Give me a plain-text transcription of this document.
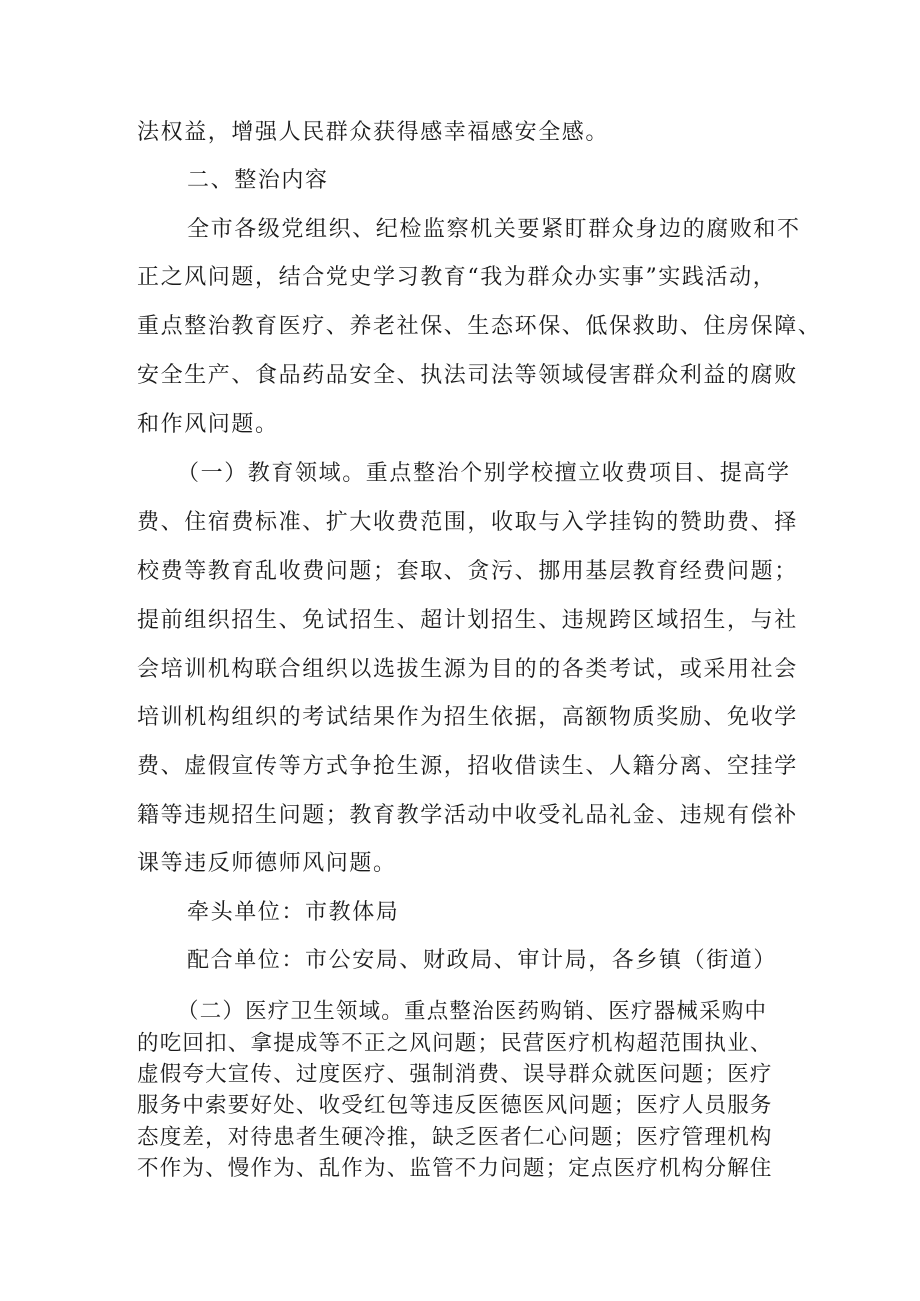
法权益，增强人民群众获得感幸福感安全感。
二、整治内容
全市各级党组织、纪检监察机关要紧盯群众身边的腐败和不
正之风问题，结合党史学习教育“我为群众办实事”实践活动，
重点整治教育医疗、养老社保、生态环保、低保救助、住房保障、
安全生产、食品药品安全、执法司法等领域侵害群众利益的腐败
和作风问题。
（一）教育领域。重点整治个别学校擅立收费项目、提高学
费、住宿费标准、扩大收费范围，收取与入学挂钩的赞助费、择
校费等教育乱收费问题；套取、贪污、挪用基层教育经费问题；
提前组织招生、免试招生、超计划招生、违规跨区域招生，与社
会培训机构联合组织以选拔生源为目的的各类考试，或采用社会
培训机构组织的考试结果作为招生依据，高额物质奖励、免收学
费、虚假宣传等方式争抢生源，招收借读生、人籍分离、空挂学
籍等违规招生问题；教育教学活动中收受礼品礼金、违规有偿补
课等违反师德师风问题。
牵头单位：市教体局
配合单位：市公安局、财政局、审计局，各乡镇（街道）
（二）医疗卫生领域。重点整治医药购销、医疗器械采购中
的吃回扣、拿提成等不正之风问题；民营医疗机构超范围执业、
虚假夸大宣传、过度医疗、强制消费、误导群众就医问题；医疗
服务中索要好处、收受红包等违反医德医风问题；医疗人员服务
态度差，对待患者生硬冷推，缺乏医者仁心问题；医疗管理机构
不作为、慢作为、乱作为、监管不力问题；定点医疗机构分解住
